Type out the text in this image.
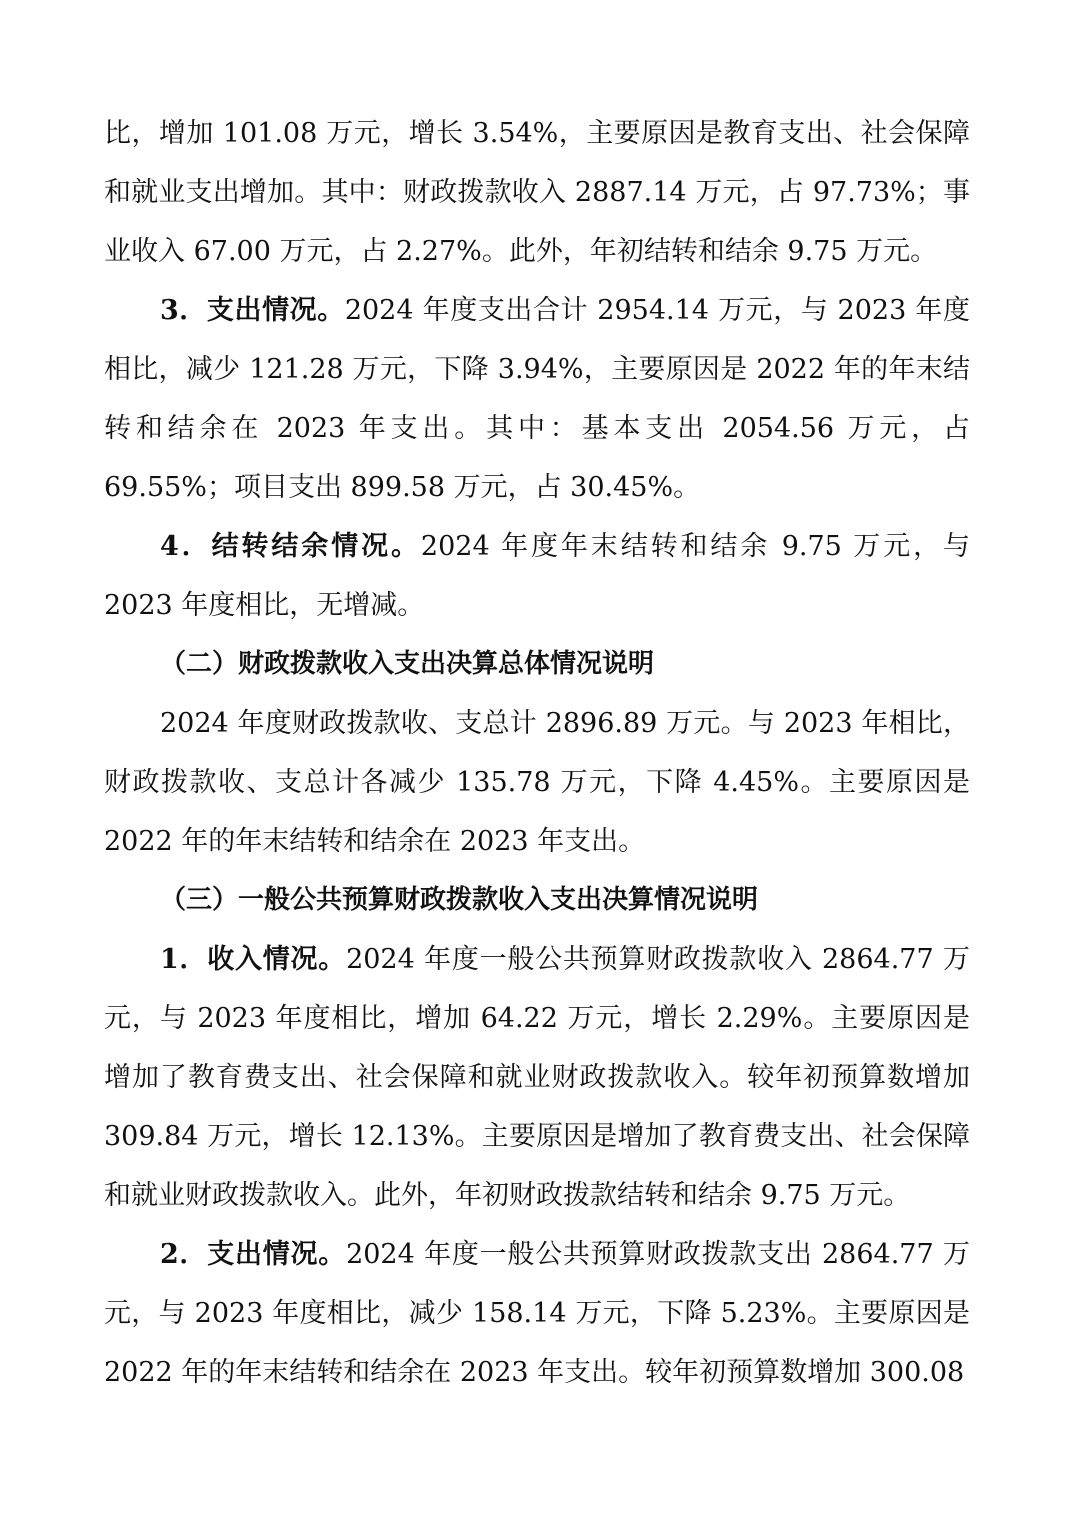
比，增加 101.08 万元，增长 3.54%，主要原因是教育支出、社会保障和就业支出增加。其中：财政拨款收入 2887.14 万元，占 97.73%；事业收入 67.00 万元，占 2.27%。此外，年初结转和结余 9.75 万元。

3．支出情况。2024 年度支出合计 2954.14 万元，与 2023 年度相比，减少 121.28 万元，下降 3.94%，主要原因是 2022 年的年末结转和结余在 2023 年支出。其中：基本支出 2054.56 万元，占 69.55%；项目支出 899.58 万元，占 30.45%。

4．结转结余情况。2024 年度年末结转和结余 9.75 万元，与 2023 年度相比，无增减。

（二）财政拨款收入支出决算总体情况说明

2024 年度财政拨款收、支总计 2896.89 万元。与 2023 年相比，财政拨款收、支总计各减少 135.78 万元，下降 4.45%。主要原因是 2022 年的年末结转和结余在 2023 年支出。

（三）一般公共预算财政拨款收入支出决算情况说明

1．收入情况。2024 年度一般公共预算财政拨款收入 2864.77 万元，与 2023 年度相比，增加 64.22 万元，增长 2.29%。主要原因是增加了教育费支出、社会保障和就业财政拨款收入。较年初预算数增加 309.84 万元，增长 12.13%。主要原因是增加了教育费支出、社会保障和就业财政拨款收入。此外，年初财政拨款结转和结余 9.75 万元。

2．支出情况。2024 年度一般公共预算财政拨款支出 2864.77 万元，与 2023 年度相比，减少 158.14 万元，下降 5.23%。主要原因是 2022 年的年末结转和结余在 2023 年支出。较年初预算数增加 300.08
